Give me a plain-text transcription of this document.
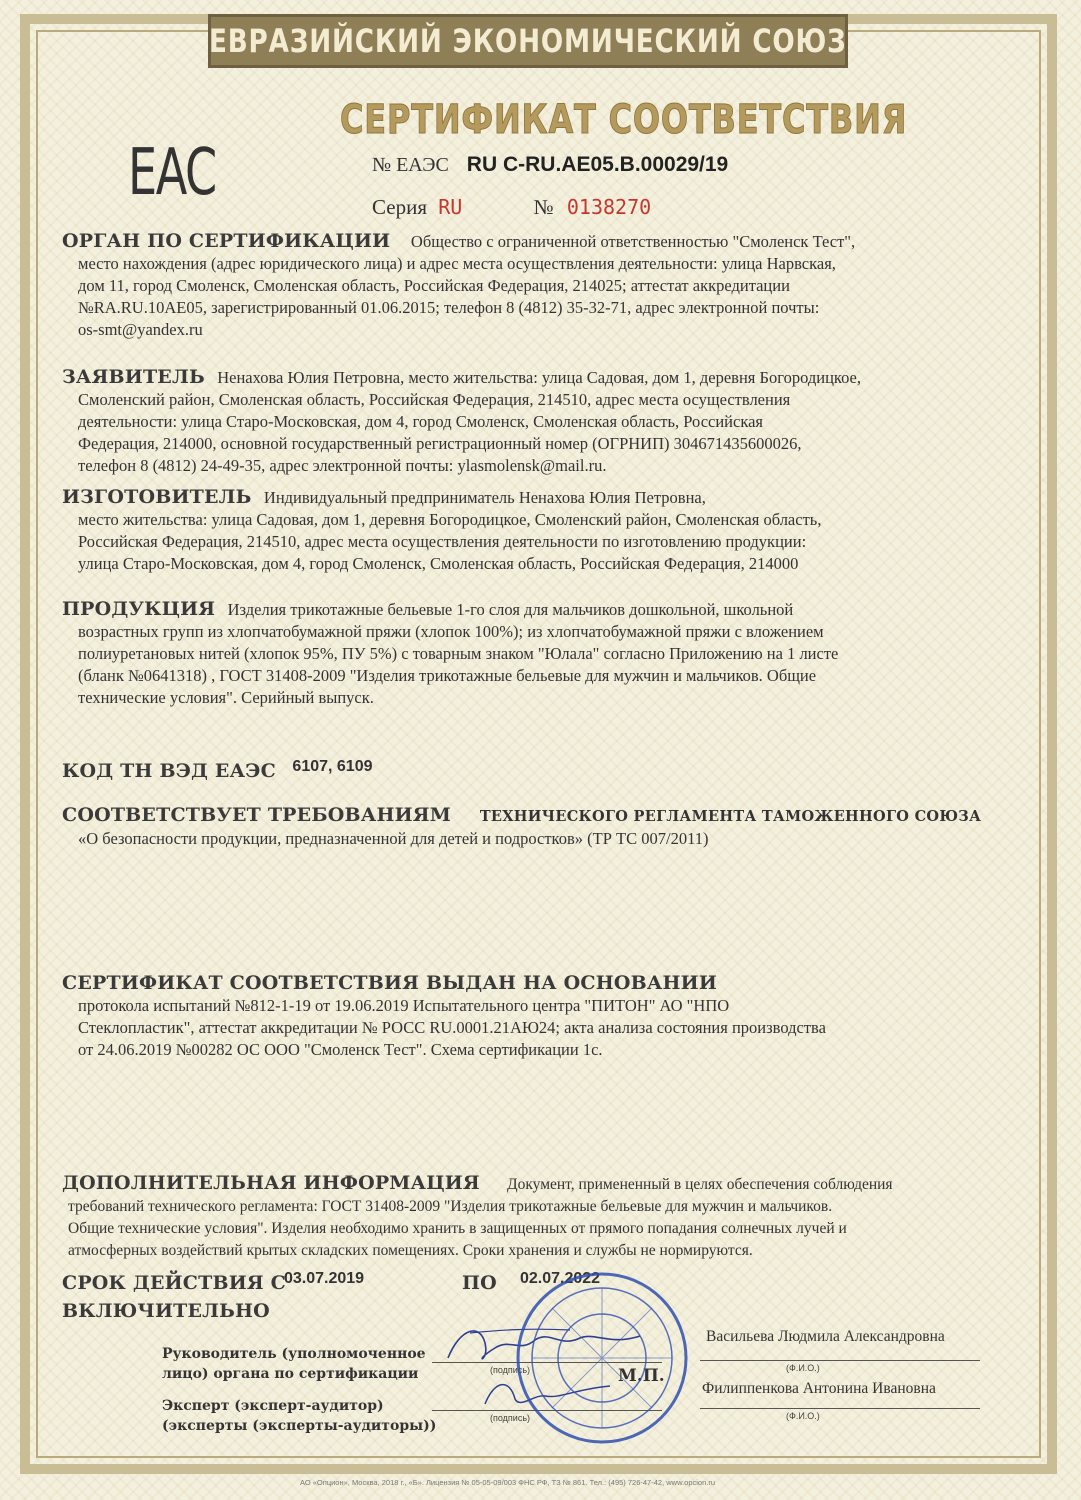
ЕВРАЗИЙСКИЙ ЭКОНОМИЧЕСКИЙ СОЮЗ
СЕРТИФИКАТ СООТВЕТСТВИЯ
EAC	№ ЕАЭС RU C-RU.AE05.B.00029/19
Серия RU	№ 0138270

ОРГАН ПО СЕРТИФИКАЦИИ Общество с ограниченной ответственностью "Смоленск Тест",

место нахождения (адрес юридического лица) и адрес места осуществления деятельности: улица Нарвская,
дом 11, город Смоленск, Смоленская область, Российская Федерация, 214025; аттестат аккредитации
№RA.RU.10AE05, зарегистрированный 01.06.2015; телефон 8 (4812) 35-32-71, адрес электронной почты:
os-smt@yandex.ru

ЗАЯВИТЕЛЬ Ненахова Юлия Петровна, место жительства: улица Садовая, дом 1, деревня Богородицкое,

Смоленский район, Смоленская область, Российская Федерация, 214510, адрес места осуществления
деятельности: улица Старо-Московская, дом 4, город Смоленск, Смоленская область, Российская
Федерация, 214000, основной государственный регистрационный номер (ОГРНИП) 304671435600026,
телефон 8 (4812) 24-49-35, адрес электронной почты: ylasmolensk@mail.ru.

ИЗГОТОВИТЕЛЬ Индивидуальный предприниматель Ненахова Юлия Петровна,

место жительства: улица Садовая, дом 1, деревня Богородицкое, Смоленский район, Смоленская область,
Российская Федерация, 214510, адрес места осуществления деятельности по изготовлению продукции:
улица Старо-Московская, дом 4, город Смоленск, Смоленская область, Российская Федерация, 214000

ПРОДУКЦИЯ Изделия трикотажные бельевые 1-го слоя для мальчиков дошкольной, школьной

возрастных групп из хлопчатобумажной пряжи (хлопок 100%); из хлопчатобумажной пряжи с вложением
полиуретановых нитей (хлопок 95%, ПУ 5%) с товарным знаком "Юлала" согласно Приложению на 1 листе
(бланк №0641318) , ГОСТ 31408-2009 "Изделия трикотажные бельевые для мужчин и мальчиков. Общие
технические условия". Серийный выпуск.
КОД ТН ВЭД ЕАЭС 6107, 6109

СООТВЕТСТВУЕТ ТРЕБОВАНИЯМ ТЕХНИЧЕСКОГО РЕГЛАМЕНТА ТАМОЖЕННОГО СОЮЗА

«О безопасности продукции, предназначенной для детей и подростков» (ТР ТС 007/2011)

СЕРТИФИКАТ СООТВЕТСТВИЯ ВЫДАН НА ОСНОВАНИИ

протокола испытаний №812-1-19 от 19.06.2019 Испытательного центра "ПИТОН" АО "НПО
Стеклопластик", аттестат аккредитации № РОСС RU.0001.21АЮ24; акта анализа состояния производства
от 24.06.2019 №00282 ОС ООО "Смоленск Тест". Схема сертификации 1с.

ДОПОЛНИТЕЛЬНАЯ ИНФОРМАЦИЯ Документ, примененный в целях обеспечения соблюдения

требований технического регламента: ГОСТ 31408-2009 "Изделия трикотажные бельевые для мужчин и мальчиков.
Общие технические условия". Изделия необходимо хранить в защищенных от прямого попадания солнечных лучей и
атмосферных воздействий крытых складских помещениях. Сроки хранения и службы не нормируются.
СРОК ДЕЙСТВИЯ С
03.07.2019	ПО 02.07.2022
ВКЛЮЧИТЕЛЬНО
Руководитель (уполномоченное
лицо) органа по сертификации	(подпись)
Васильева Людмила Александровна
(Ф.И.О.)
М.П.
Эксперт (эксперт-аудитор)
(эксперты (эксперты-аудиторы))	(подпись)
Филиппенкова Антонина Ивановна
(Ф.И.О.)
АО «Опцион», Москва, 2018 г., «Б». Лицензия № 05-05-09/003 ФНС РФ, ТЗ № 861. Тел.: (495) 726-47-42, www.opcion.ru
